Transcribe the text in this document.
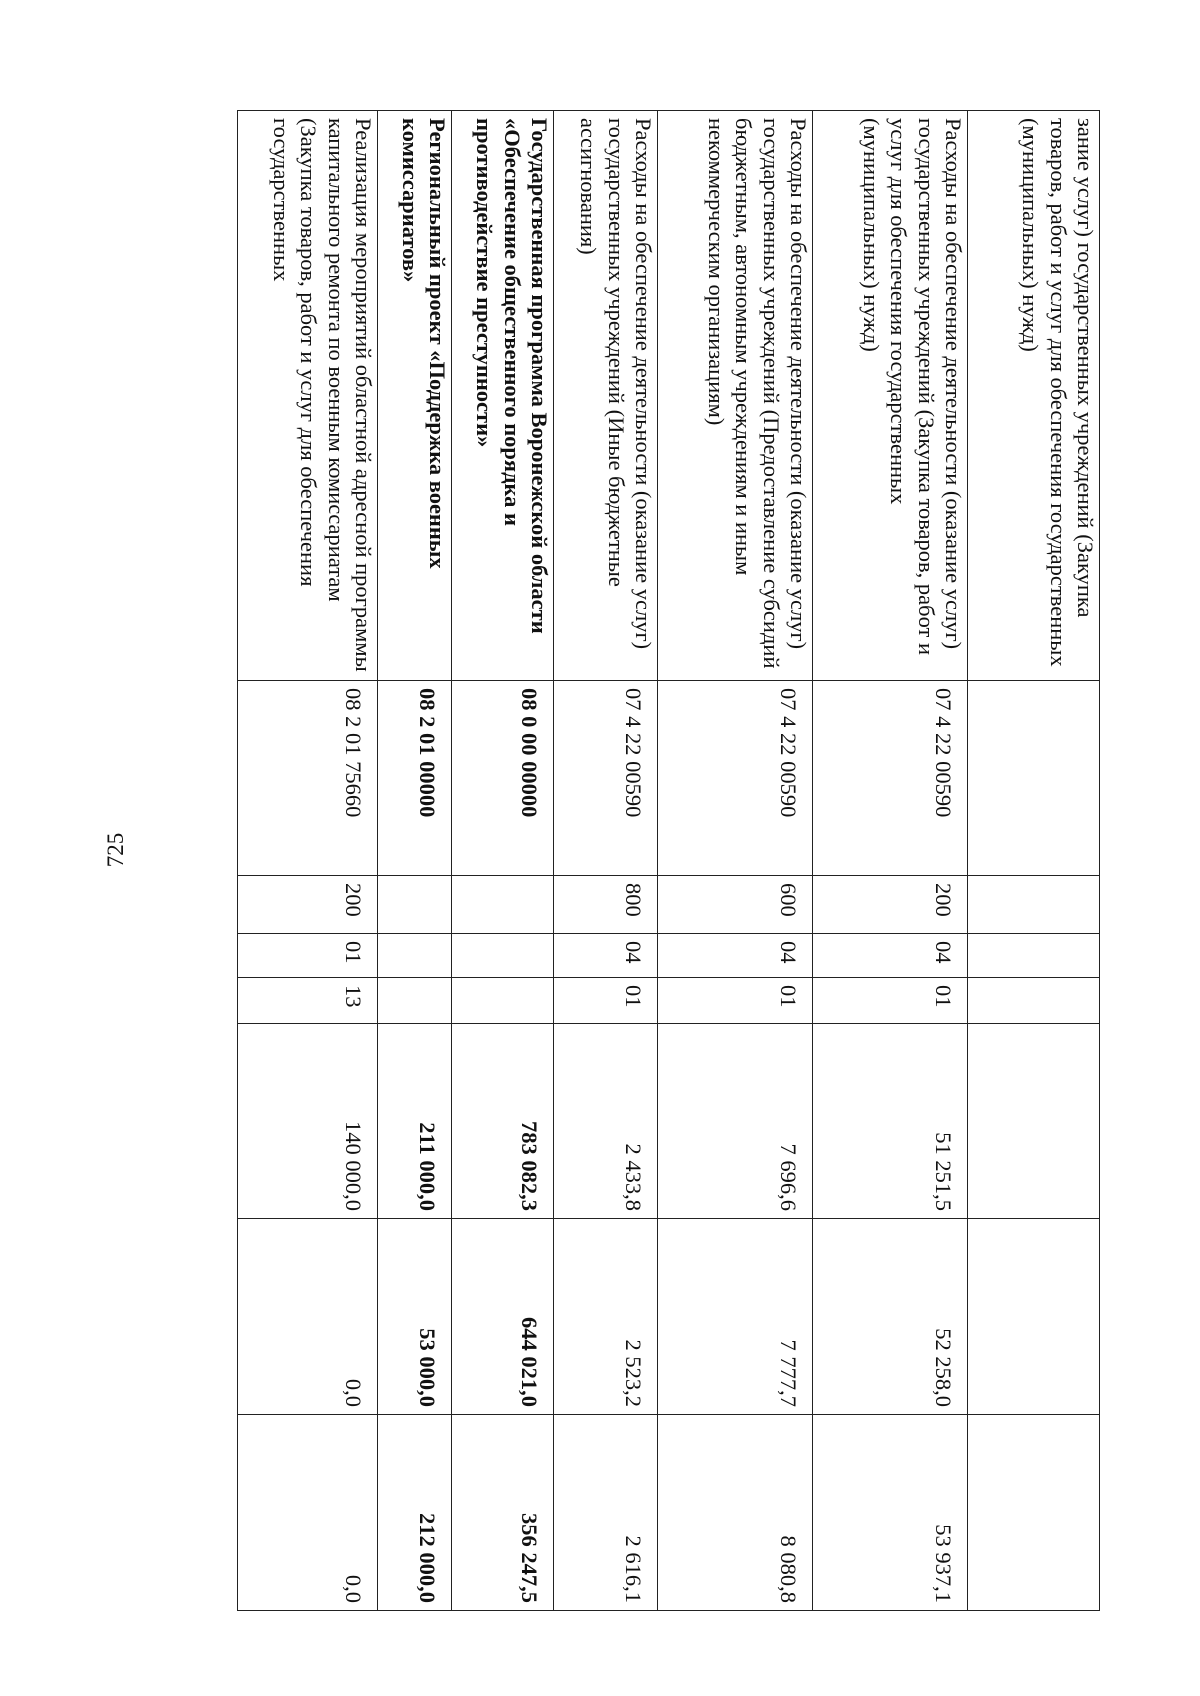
725
зание услуг) государственных учреждений (Закупка товаров, работ и услуг для обеспечения государственных (муниципальных) нужд)							
Расходы на обеспечение деятельности (оказание услуг) государственных учреждений (Закупка товаров, работ и услуг для обеспечения государственных (муниципальных) нужд)	07 4 22 00590	200	04	01	51 251,5	52 258,0	53 937,1
Расходы на обеспечение деятельности (оказание услуг) государственных учреждений (Предоставление субсидий бюджетным, автономным учреждениям и иным некоммерческим организациям)	07 4 22 00590	600	04	01	7 696,6	7 777,7	8 080,8
Расходы на обеспечение деятельности (оказание услуг) государственных учреждений (Иные бюджетные ассигнования)	07 4 22 00590	800	04	01	2 433,8	2 523,2	2 616,1
Государственная программа Воронежской области «Обеспечение общественного порядка и противодействие преступности»	08 0 00 00000				783 082,3	644 021,0	356 247,5
Региональный проект «Поддержка военных комиссариатов»	08 2 01 00000				211 000,0	53 000,0	212 000,0
Реализация мероприятий областной адресной программы капитального ремонта по военным комиссариатам (Закупка товаров, работ и услуг для обеспечения государственных	08 2 01 75660	200	01	13	140 000,0	0,0	0,0
